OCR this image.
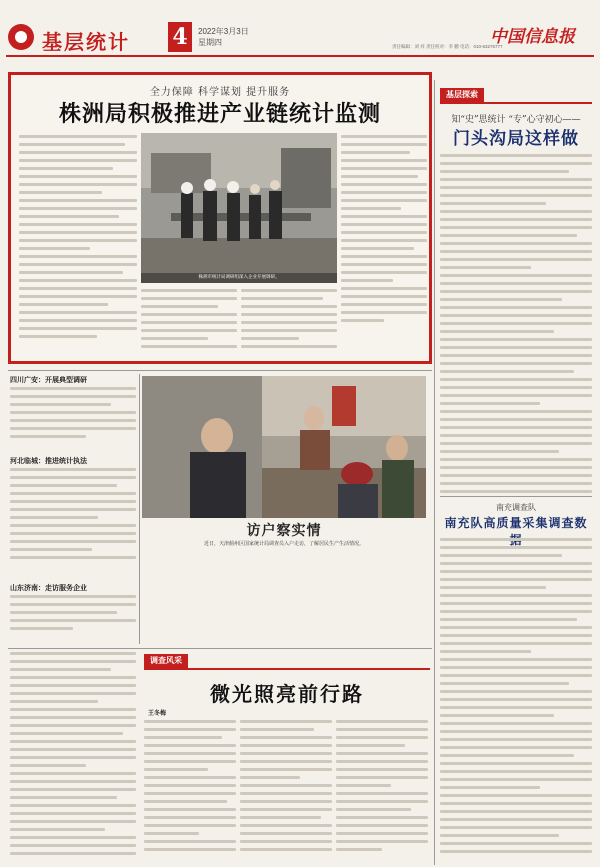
基层统计 4	2022年3月3日
星期四	中国信息报
责任编辑：刘 祥 责任校对：李 鹏 电话：010-63276777
全力保障 科学谋划 提升服务
株洲局积极推进产业链统计监测
株洲市统计局调研组深入企业开展调研。
基层探索
知“史”思统计 “专”心守初心——
门头沟局这样做
四川广安：开展典型调研
河北临城：推进统计执法
山东济南：走访服务企业
访户察实情
近日，天津蓟州区国家统计局调查员入户走访，了解居民生产生活情况。
南充调查队
南充队高质量采集调查数
调查风采
微光照亮前行路
王冬梅
